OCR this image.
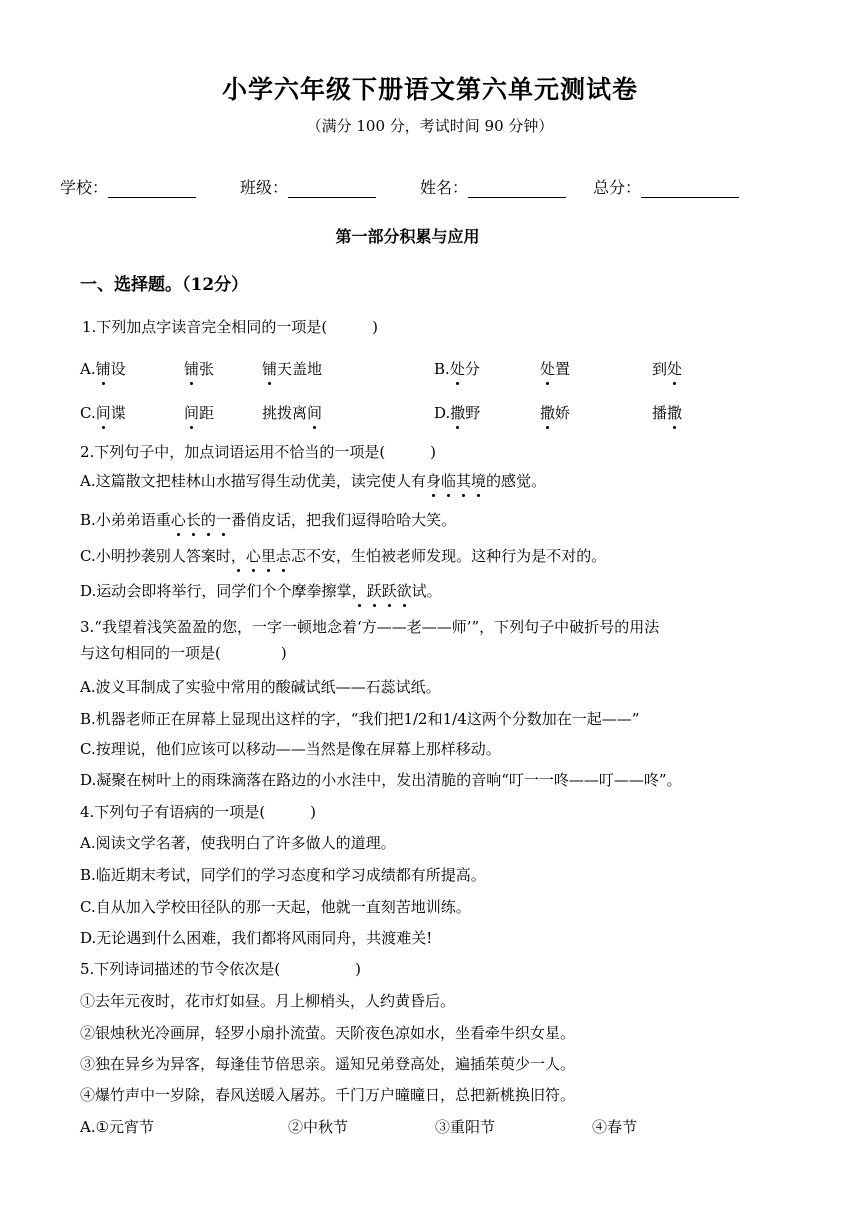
小学六年级下册语文第六单元测试卷
（满分 100 分，考试时间 90 分钟）
学校：	班级：	姓名：	总分：
第一部分积累与应用
一、选择题。（12分）
1.下列加点字读音完全相同的一项是(　　　)
A.铺设	铺张	铺天盖地	B.处分	处置	到处
C.间谍	间距	挑拨离间	D.撒野	撒娇	播撒
2.下列句子中，加点词语运用不恰当的一项是(　　　)
A.这篇散文把桂林山水描写得生动优美，读完使人有身临其境的感觉。
B.小弟弟语重心长的一番俏皮话，把我们逗得哈哈大笑。
C.小明抄袭别人答案时，心里忐忑不安，生怕被老师发现。这种行为是不对的。
D.运动会即将举行，同学们个个摩拳擦掌，跃跃欲试。
3.“我望着浅笑盈盈的您，一字一顿地念着‘方——老——师’”，下列句子中破折号的用法
与这句相同的一项是(　　　　)
A.波义耳制成了实验中常用的酸碱试纸——石蕊试纸。
B.机器老师正在屏幕上显现出这样的字，“我们把1/2和1/4这两个分数加在一起——”
C.按理说，他们应该可以移动——当然是像在屏幕上那样移动。
D.凝聚在树叶上的雨珠滴落在路边的小水洼中，发出清脆的音响“叮一一咚——叮——咚”。
4.下列句子有语病的一项是(　　　)
A.阅读文学名著，使我明白了许多做人的道理。
B.临近期末考试，同学们的学习态度和学习成绩都有所提高。
C.自从加入学校田径队的那一天起，他就一直刻苦地训练。
D.无论遇到什么困难，我们都将风雨同舟，共渡难关!
5.下列诗词描述的节令依次是(　　　　　)
①去年元夜时，花市灯如昼。月上柳梢头，人约黄昏后。
②银烛秋光冷画屏，轻罗小扇扑流萤。天阶夜色凉如水，坐看牵牛织女星。
③独在异乡为异客，每逢佳节倍思亲。遥知兄弟登高处，遍插茱萸少一人。
④爆竹声中一岁除，春风送暖入屠苏。千门万户曈曈日，总把新桃换旧符。
A.①元宵节	②中秋节	③重阳节	④春节
